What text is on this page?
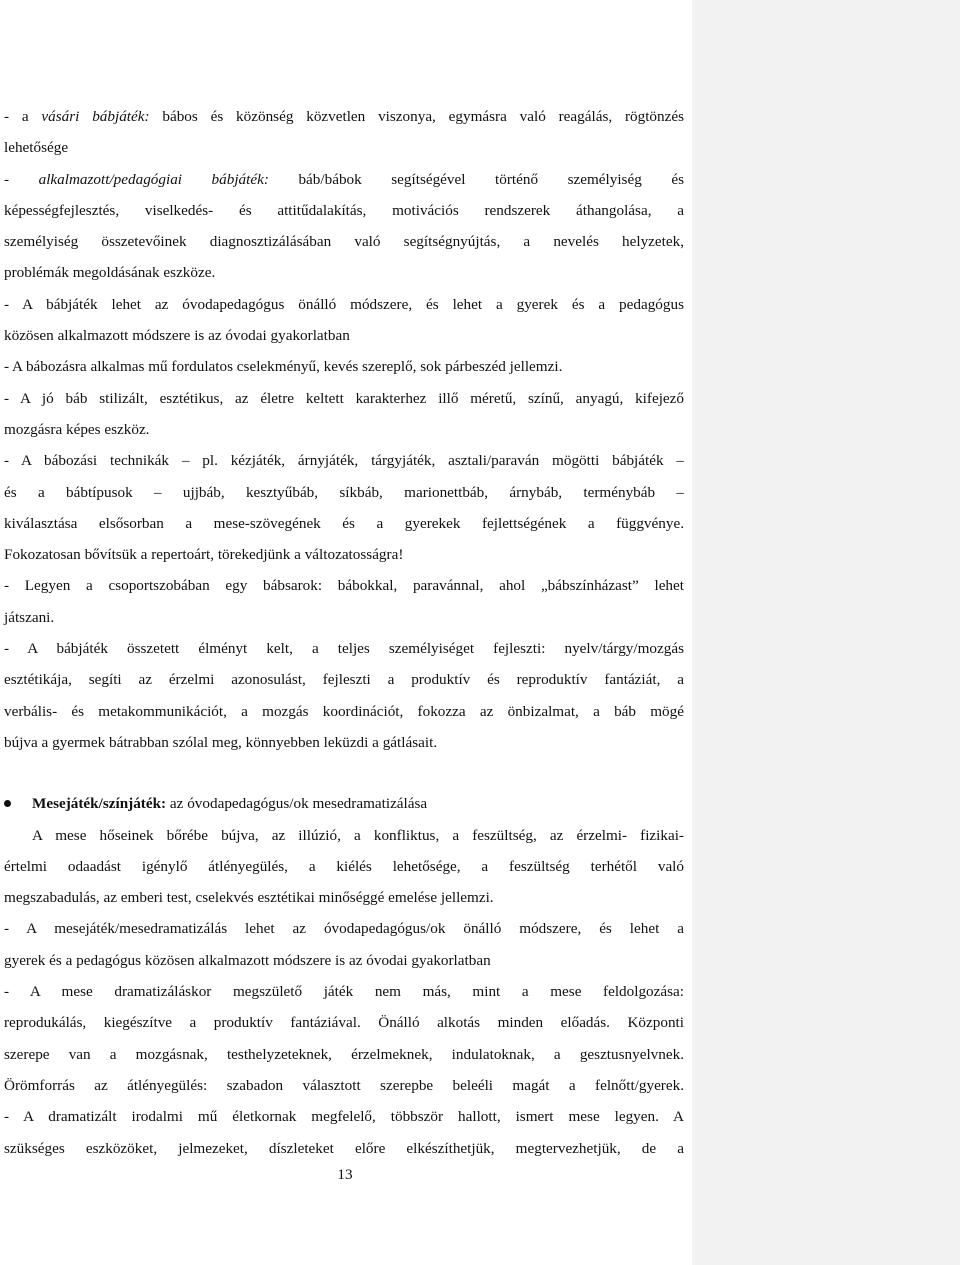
- a vásári bábjáték: bábos és közönség közvetlen viszonya, egymásra való reagálás, rögtönzés
lehetősége
- alkalmazott/pedagógiai bábjáték: báb/bábok segítségével történő személyiség és
képességfejlesztés, viselkedés- és attitűdalakítás, motivációs rendszerek áthangolása, a
személyiség összetevőinek diagnosztizálásában való segítségnyújtás, a nevelés helyzetek,
problémák megoldásának eszköze.
- A bábjáték lehet az óvodapedagógus önálló módszere, és lehet a gyerek és a pedagógus
közösen alkalmazott módszere is az óvodai gyakorlatban
- A bábozásra alkalmas mű fordulatos cselekményű, kevés szereplő, sok párbeszéd jellemzi.
- A jó báb stilizált, esztétikus, az életre keltett karakterhez illő méretű, színű, anyagú, kifejező
mozgásra képes eszköz.
- A bábozási technikák – pl. kézjáték, árnyjáték, tárgyjáték, asztali/paraván mögötti bábjáték –
és a bábtípusok – ujjbáb, kesztyűbáb, síkbáb, marionettbáb, árnybáb, terménybáb –
kiválasztása elsősorban a mese-szövegének és a gyerekek fejlettségének a függvénye.
Fokozatosan bővítsük a repertoárt, törekedjünk a változatosságra!
- Legyen a csoportszobában egy bábsarok: bábokkal, paravánnal, ahol „bábszínházast” lehet
játszani.
- A bábjáték összetett élményt kelt, a teljes személyiséget fejleszti: nyelv/tárgy/mozgás
esztétikája, segíti az érzelmi azonosulást, fejleszti a produktív és reproduktív fantáziát, a
verbális- és metakommunikációt, a mozgás koordinációt, fokozza az önbizalmat, a báb mögé
bújva a gyermek bátrabban szólal meg, könnyebben leküzdi a gátlásait.
Mesejáték/színjáték: az óvodapedagógus/ok mesedramatizálása
A mese hőseinek bőrébe bújva, az illúzió, a konfliktus, a feszültség, az érzelmi- fizikai-
értelmi odaadást igénylő átlényegülés, a kiélés lehetősége, a feszültség terhétől való
megszabadulás, az emberi test, cselekvés esztétikai minőséggé emelése jellemzi.
- A mesejáték/mesedramatizálás lehet az óvodapedagógus/ok önálló módszere, és lehet a
gyerek és a pedagógus közösen alkalmazott módszere is az óvodai gyakorlatban
- A mese dramatizáláskor megszülető játék nem más, mint a mese feldolgozása:
reprodukálás, kiegészítve a produktív fantáziával. Önálló alkotás minden előadás. Központi
szerepe van a mozgásnak, testhelyzeteknek, érzelmeknek, indulatoknak, a gesztusnyelvnek.
Örömforrás az átlényegülés: szabadon választott szerepbe beleéli magát a felnőtt/gyerek.
- A dramatizált irodalmi mű életkornak megfelelő, többször hallott, ismert mese legyen. A
szükséges eszközöket, jelmezeket, díszleteket előre elkészíthetjük, megtervezhetjük, de a
13
